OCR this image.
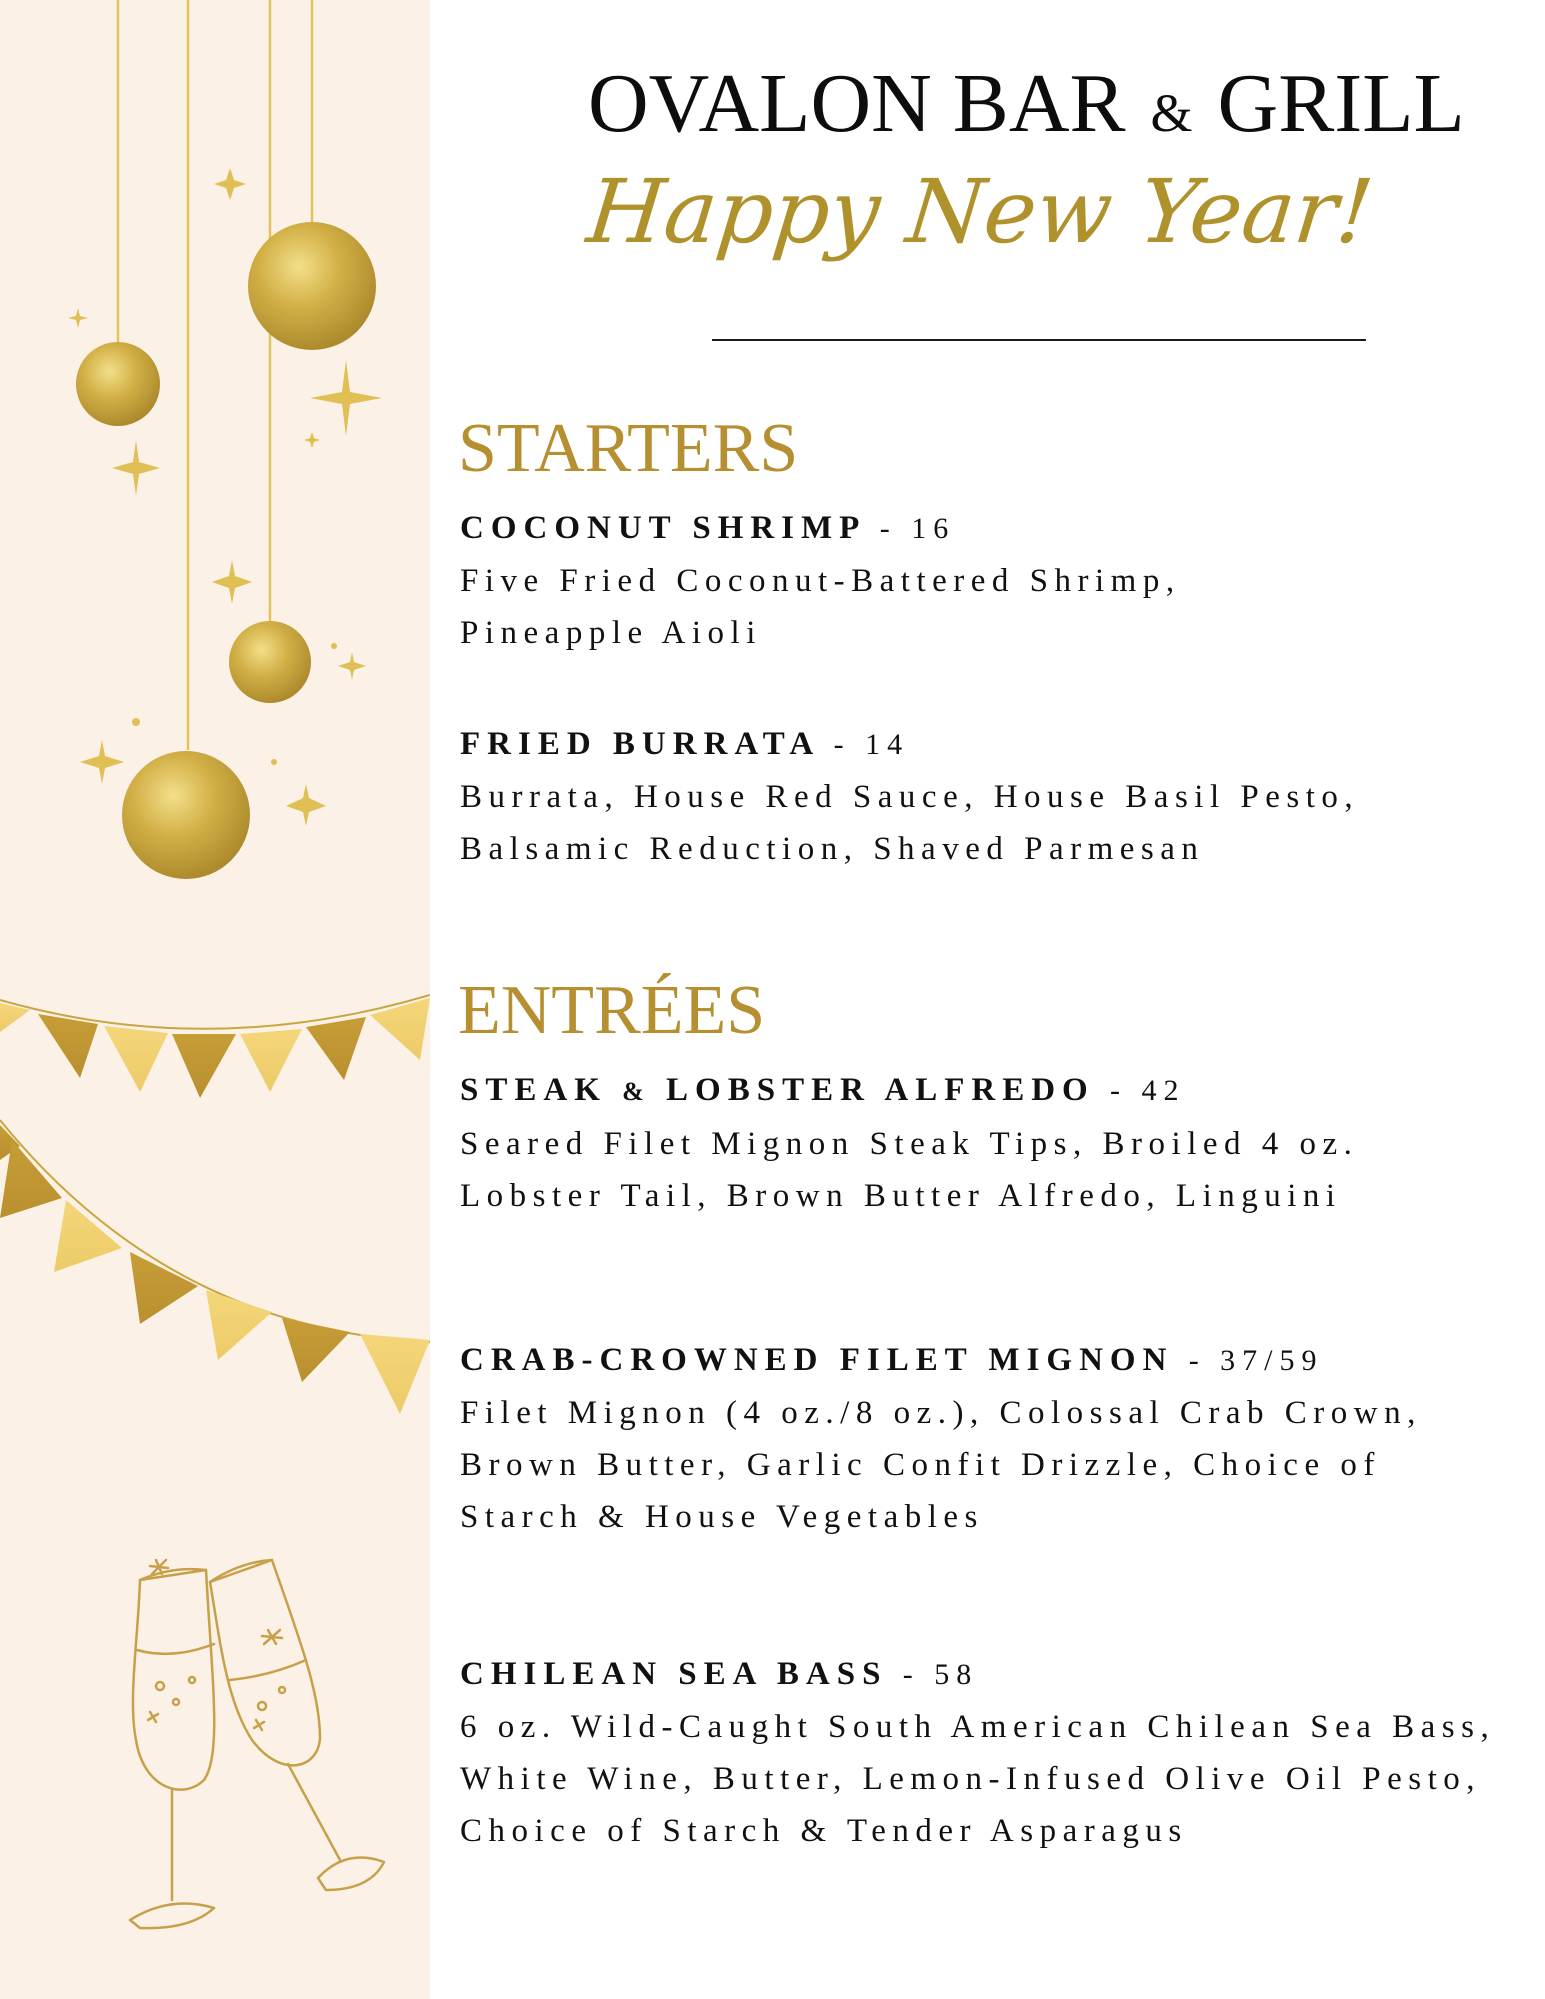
OVALON BAR & GRILL
Happy New Year!
STARTERS
COCONUT SHRIMP - 16
Five Fried Coconut-Battered Shrimp, Pineapple Aioli
FRIED BURRATA - 14
Burrata, House Red Sauce, House Basil Pesto, Balsamic Reduction, Shaved Parmesan
ENTRÉES
STEAK & LOBSTER ALFREDO - 42
Seared Filet Mignon Steak Tips, Broiled 4 oz. Lobster Tail, Brown Butter Alfredo, Linguini
CRAB-CROWNED FILET MIGNON - 37/59
Filet Mignon (4 oz./8 oz.), Colossal Crab Crown, Brown Butter, Garlic Confit Drizzle, Choice of Starch & House Vegetables
CHILEAN SEA BASS - 58
6 oz. Wild-Caught South American Chilean Sea Bass, White Wine, Butter, Lemon-Infused Olive Oil Pesto, Choice of Starch & Tender Asparagus
